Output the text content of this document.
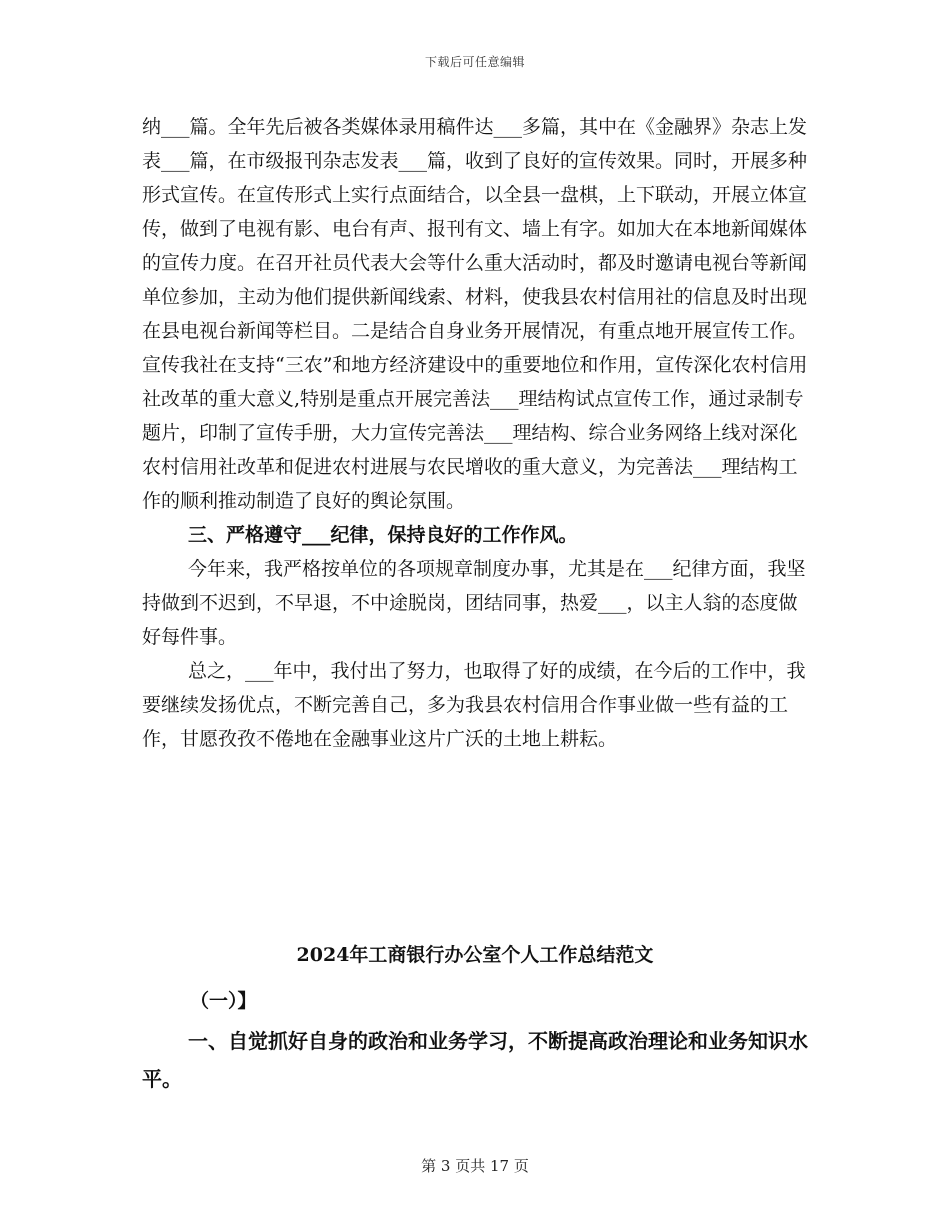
下载后可任意编辑

纳___篇。全年先后被各类媒体录用稿件达___多篇，其中在《金融界》杂志上发表___篇，在市级报刊杂志发表___篇，收到了良好的宣传效果。同时，开展多种形式宣传。在宣传形式上实行点面结合，以全县一盘棋，上下联动，开展立体宣传，做到了电视有影、电台有声、报刊有文、墙上有字。如加大在本地新闻媒体的宣传力度。在召开社员代表大会等什么重大活动时，都及时邀请电视台等新闻单位参加，主动为他们提供新闻线索、材料，使我县农村信用社的信息及时出现在县电视台新闻等栏目。二是结合自身业务开展情况，有重点地开展宣传工作。宣传我社在支持“三农”和地方经济建设中的重要地位和作用，宣传深化农村信用社改革的重大意义,特别是重点开展完善法___理结构试点宣传工作，通过录制专题片，印制了宣传手册，大力宣传完善法___理结构、综合业务网络上线对深化农村信用社改革和促进农村进展与农民增收的重大意义，为完善法___理结构工作的顺利推动制造了良好的舆论氛围。

三、严格遵守___纪律，保持良好的工作作风。

今年来，我严格按单位的各项规章制度办事，尤其是在___纪律方面，我坚持做到不迟到，不早退，不中途脱岗，团结同事，热爱___，以主人翁的态度做好每件事。

总之，___年中，我付出了努力，也取得了好的成绩，在今后的工作中，我要继续发扬优点，不断完善自己，多为我县农村信用合作事业做一些有益的工作，甘愿孜孜不倦地在金融事业这片广沃的土地上耕耘。

2024年工商银行办公室个人工作总结范文
（一）】

一、自觉抓好自身的政治和业务学习，不断提高政治理论和业务知识水平。

第 3 页共 17 页
